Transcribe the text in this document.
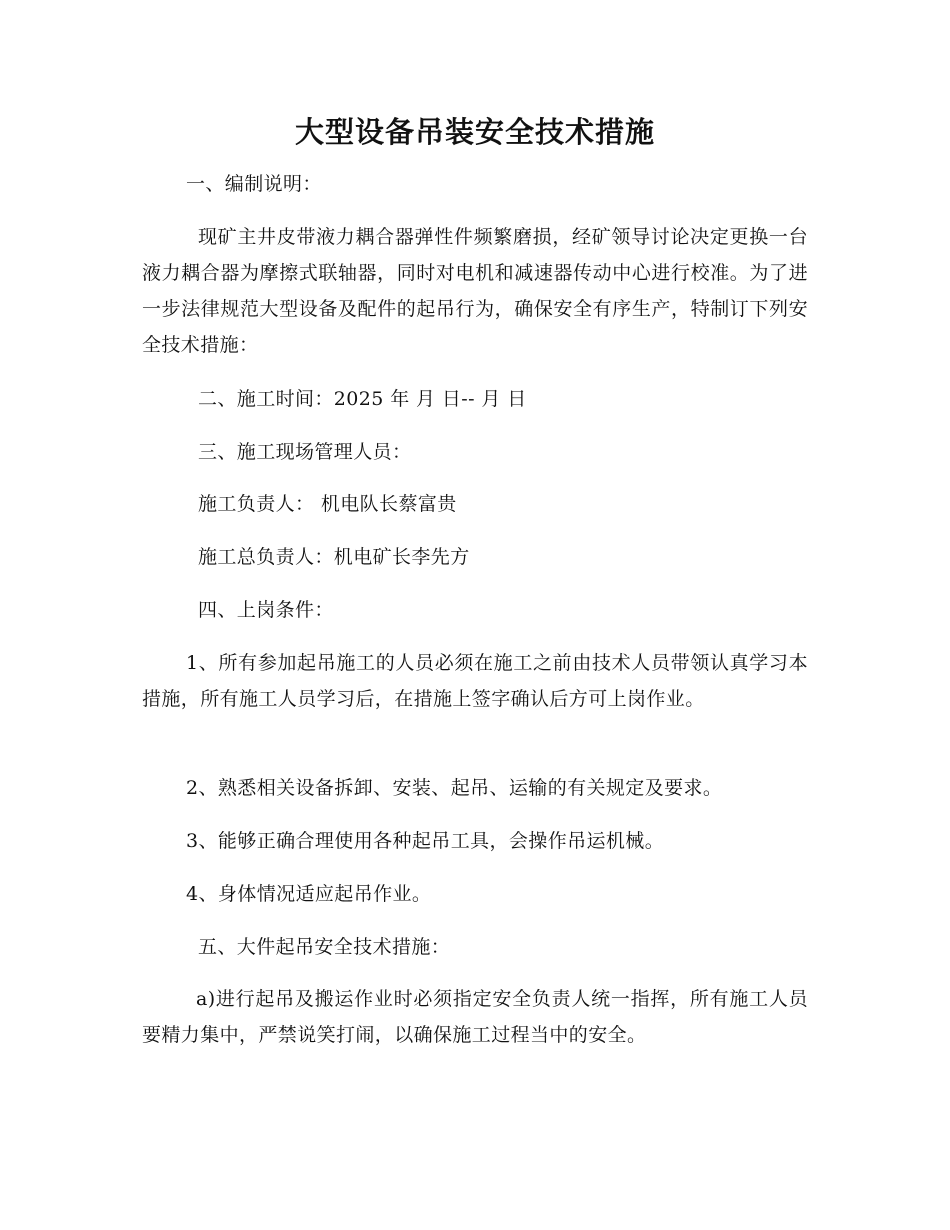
大型设备吊装安全技术措施
一、编制说明：
现矿主井皮带液力耦合器弹性件频繁磨损，经矿领导讨论决定更换一台液力耦合器为摩擦式联轴器，同时对电机和减速器传动中心进行校准。为了进一步法律规范大型设备及配件的起吊行为，确保安全有序生产，特制订下列安全技术措施：
二、施工时间：2025 年 月 日-- 月 日
三、施工现场管理人员：
施工负责人： 机电队长蔡富贵
施工总负责人：机电矿长李先方
四、上岗条件：
1、所有参加起吊施工的人员必须在施工之前由技术人员带领认真学习本措施，所有施工人员学习后，在措施上签字确认后方可上岗作业。
2、熟悉相关设备拆卸、安装、起吊、运输的有关规定及要求。
3、能够正确合理使用各种起吊工具，会操作吊运机械。
4、身体情况适应起吊作业。
五、大件起吊安全技术措施：
a)进行起吊及搬运作业时必须指定安全负责人统一指挥，所有施工人员要精力集中，严禁说笑打闹，以确保施工过程当中的安全。
